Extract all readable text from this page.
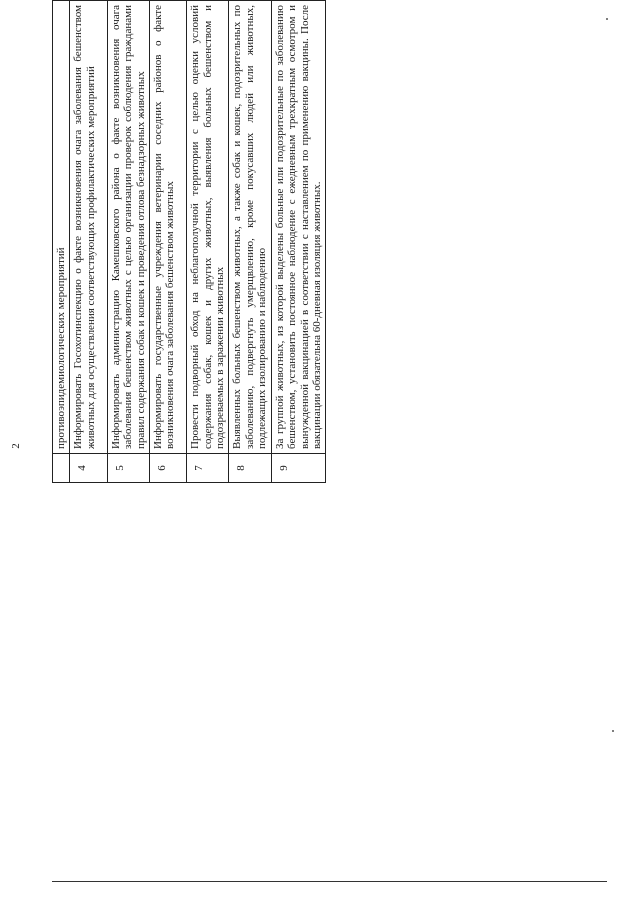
2
		противоэпидемиологических мероприятий			
4	Информировать Госохотинспекцию о факте возникновения очага заболевания бешенством животных для осуществления соответствующих профилактических мероприятий			
5	Информировать администрацию Камешковского района о факте возникновения очага заболевания бешенством животных с целью организации проверок соблюдения гражданами правил содержания собак и кошек и проведения отлова безнадзорных животных			
6	Информировать государственные учреждения ветеринарии соседних районов о факте возникновения очага заболевания бешенством животных			
7	Провести подворный обход на неблагополучной территории с целью оценки условий содержания собак, кошек и других животных, выявления больных бешенством и подозреваемых в заражении животных			
8	Выявленных больных бешенством животных, а также собак и кошек, подозрительных по заболеванию, подвергнуть умерщвлению, кроме покусавших людей или животных, подлежащих изолированию и наблюдению			
9	За группой животных, из которой выделены больные или подозрительные по заболеванию бешенством, установить постоянное наблюдение с ежедневным трехкратным осмотром и вынужденной вакцинацией в соответствии с наставлением по применению вакцины. После вакцинации обязательна 60-дневная изоляция животных.			
